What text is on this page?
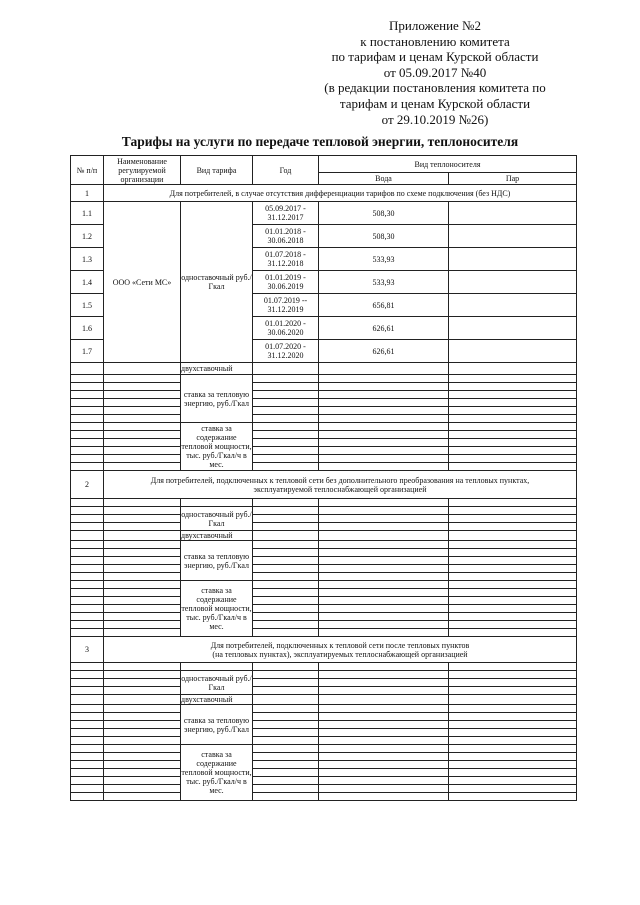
Приложение №2
к постановлению комитета
по тарифам и ценам Курской области
от 05.09.2017 №40
(в редакции постановления комитета по
тарифам и ценам Курской области
от 29.10.2019 №26)
Тарифы на услуги по передаче тепловой энергии, теплоносителя
№ п/п	Наименование регулируемой организации	Вид тарифа	Год	Вид теплоносителя	
				Вода	Пар
1	Для потребителей, в случае отсутствия дифференциации тарифов по схеме подключения (без НДС)				
1.1	ООО «Сети МС»	одноставочный руб./Гкал	05.09.2017 - 31.12.2017	508,30	
1.2			01.01.2018 - 30.06.2018	508,30	
1.3			01.07.2018 - 31.12.2018	533,93	
1.4			01.01.2019 - 30.06.2019	533,93	
1.5			01.07.2019 -- 31.12.2019	656,81	
1.6			01.01.2020 - 30.06.2020	626,61	
1.7			01.07.2020 - 31.12.2020	626,61	
		двухставочный			
		ставка за тепловую энергию, руб./Гкал			

		ставка за содержание тепловой мощности, тыс. руб./Гкал/ч в мес.			

2	Для потребителей, подключенных к тепловой сети без дополнительного преобразования на тепловых пунктах,
эксплуатируемой теплоснабжающей организацией				

		одноставочный руб./Гкал			

		двухставочный			
		ставка за тепловую энергию, руб./Гкал			

		ставка за содержание тепловой мощности, тыс. руб./Гкал/ч в мес.			

3	Для потребителей, подключенных к тепловой сети после тепловых пунктов
(на тепловых пунктах), эксплуатируемых теплоснабжающей организацией				

		одноставочный руб./Гкал			

		двухставочный			
		ставка за тепловую энергию, руб./Гкал			

		ставка за содержание тепловой мощности, тыс. руб./Гкал/ч в мес.			
